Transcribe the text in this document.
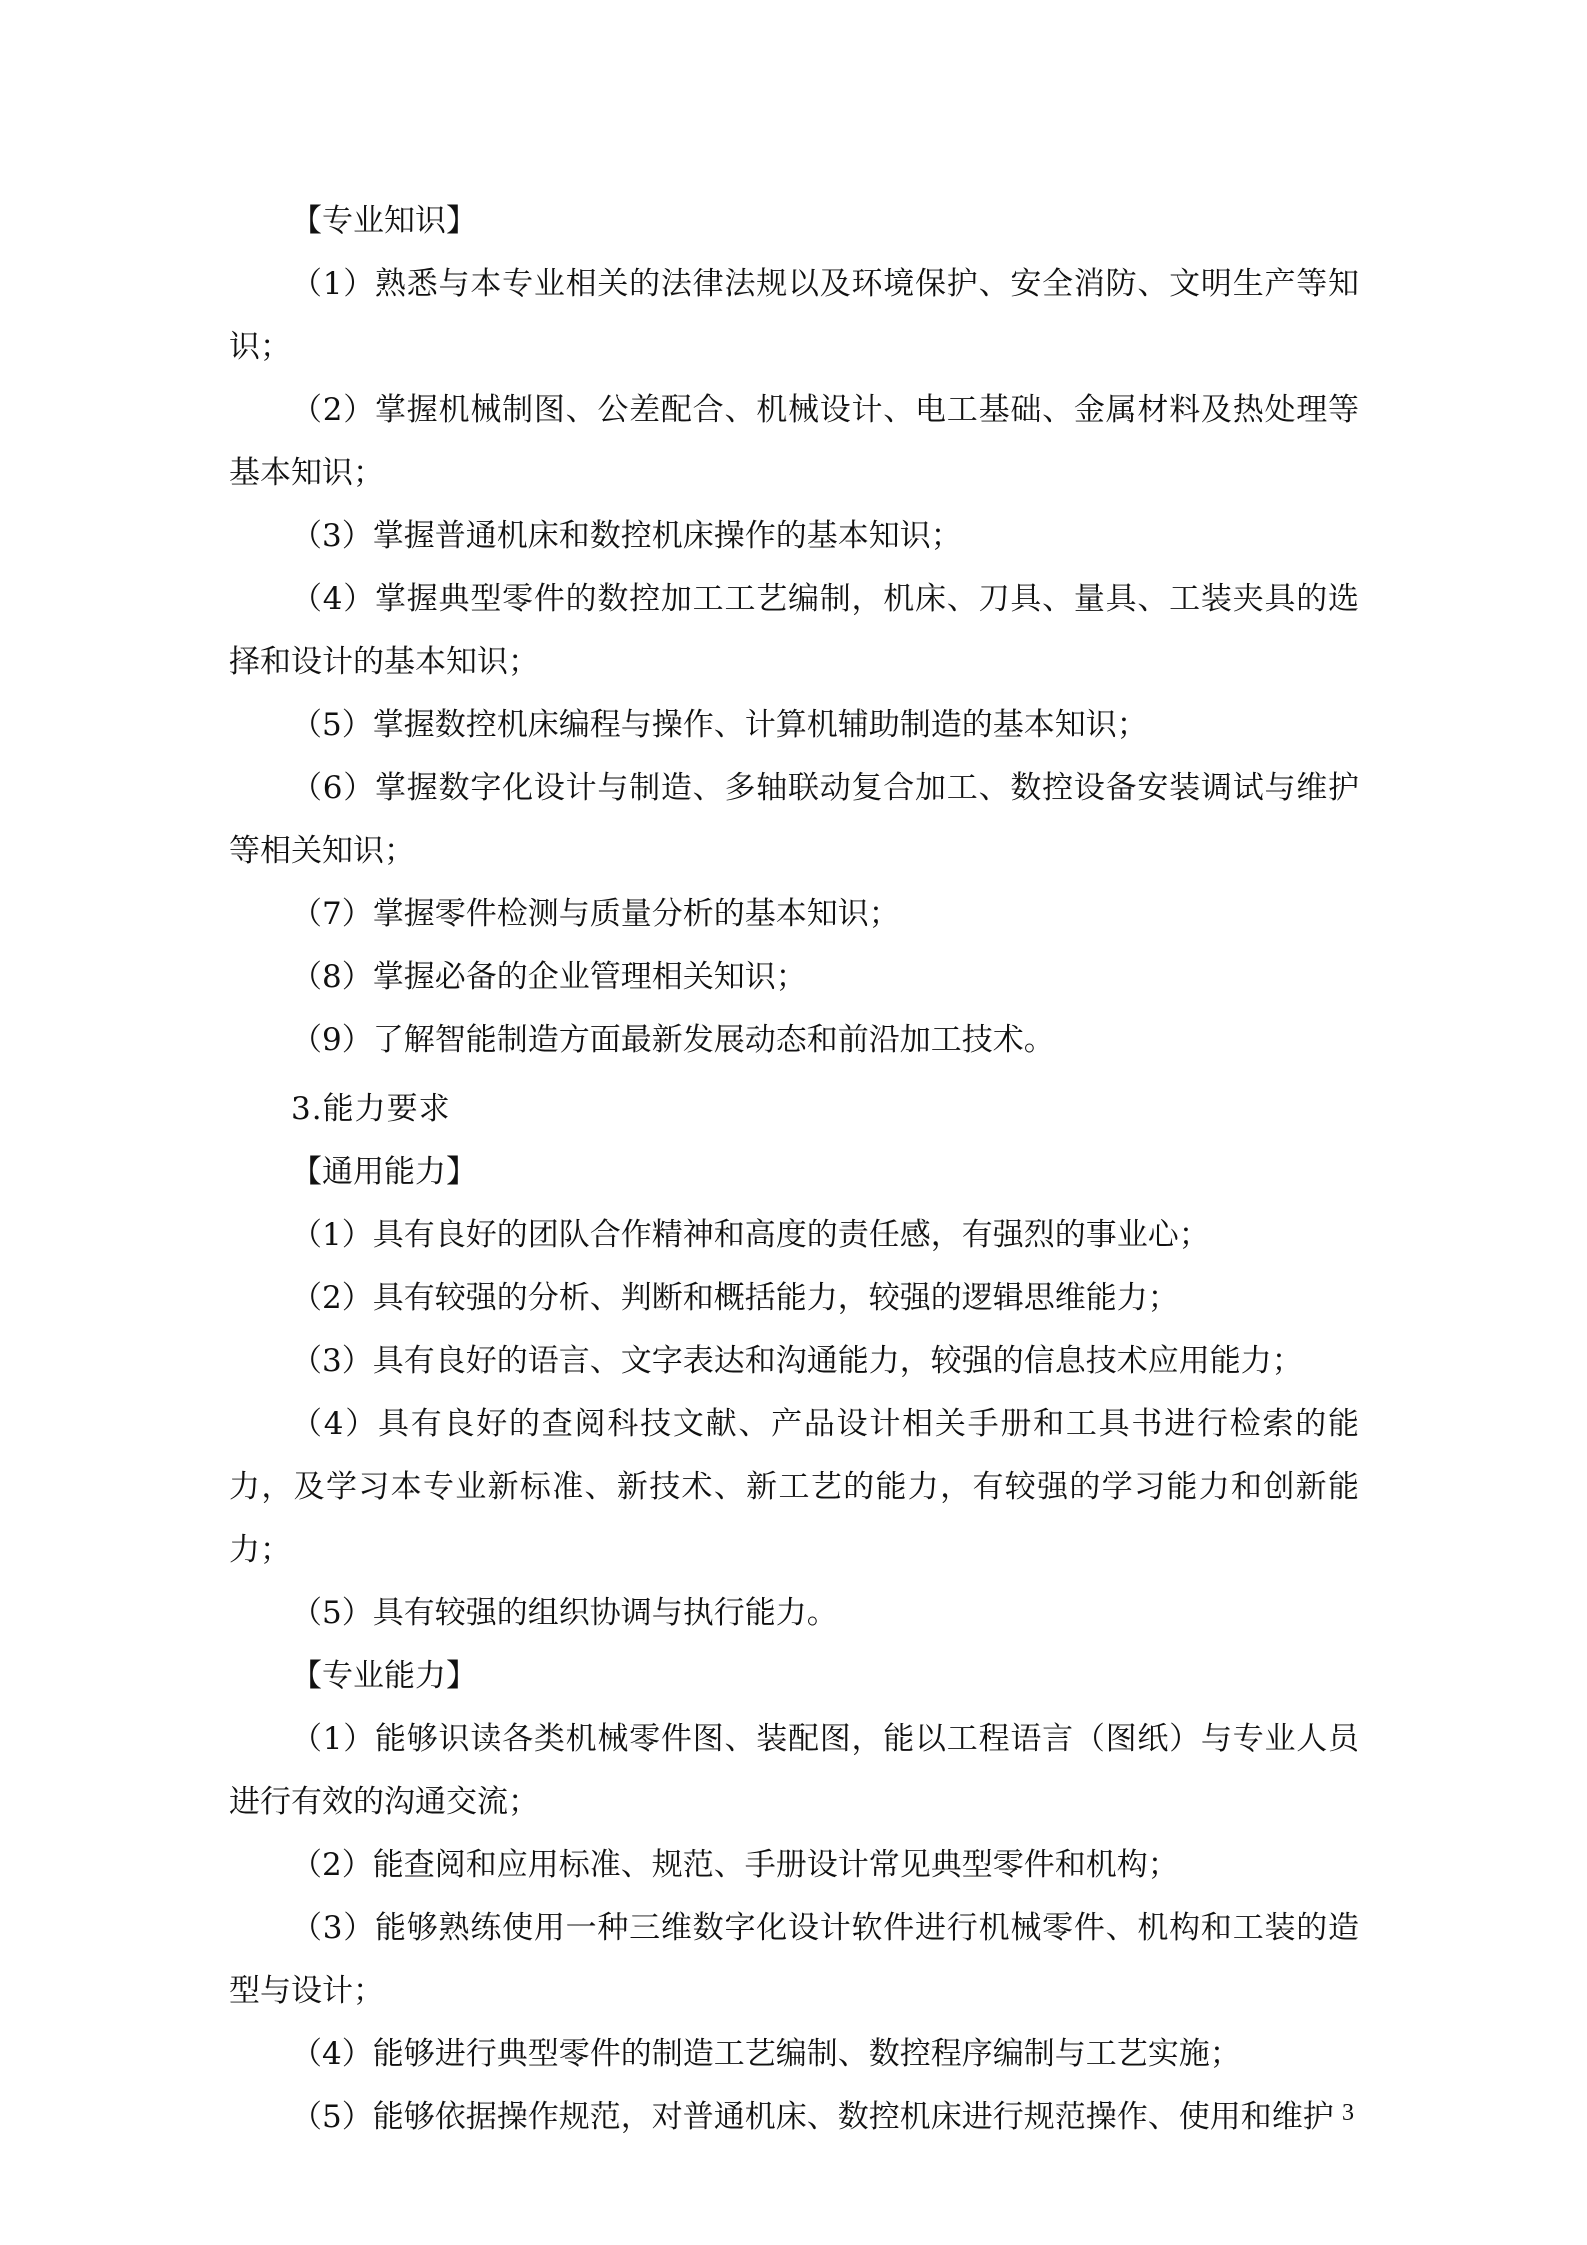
【专业知识】

（1）熟悉与本专业相关的法律法规以及环境保护、安全消防、文明生产等知识；

（2）掌握机械制图、公差配合、机械设计、电工基础、金属材料及热处理等基本知识；

（3）掌握普通机床和数控机床操作的基本知识；

（4）掌握典型零件的数控加工工艺编制，机床、刀具、量具、工装夹具的选择和设计的基本知识；

（5）掌握数控机床编程与操作、计算机辅助制造的基本知识；

（6）掌握数字化设计与制造、多轴联动复合加工、数控设备安装调试与维护等相关知识；

（7）掌握零件检测与质量分析的基本知识；

（8）掌握必备的企业管理相关知识；

（9）了解智能制造方面最新发展动态和前沿加工技术。

3.能力要求

【通用能力】

（1）具有良好的团队合作精神和高度的责任感，有强烈的事业心；

（2）具有较强的分析、判断和概括能力，较强的逻辑思维能力；

（3）具有良好的语言、文字表达和沟通能力，较强的信息技术应用能力；

（4）具有良好的查阅科技文献、产品设计相关手册和工具书进行检索的能力，及学习本专业新标准、新技术、新工艺的能力，有较强的学习能力和创新能力；

（5）具有较强的组织协调与执行能力。

【专业能力】

（1）能够识读各类机械零件图、装配图，能以工程语言（图纸）与专业人员进行有效的沟通交流；

（2）能查阅和应用标准、规范、手册设计常见典型零件和机构；

（3）能够熟练使用一种三维数字化设计软件进行机械零件、机构和工装的造型与设计；

（4）能够进行典型零件的制造工艺编制、数控程序编制与工艺实施；

（5）能够依据操作规范，对普通机床、数控机床进行规范操作、使用和维护 3
